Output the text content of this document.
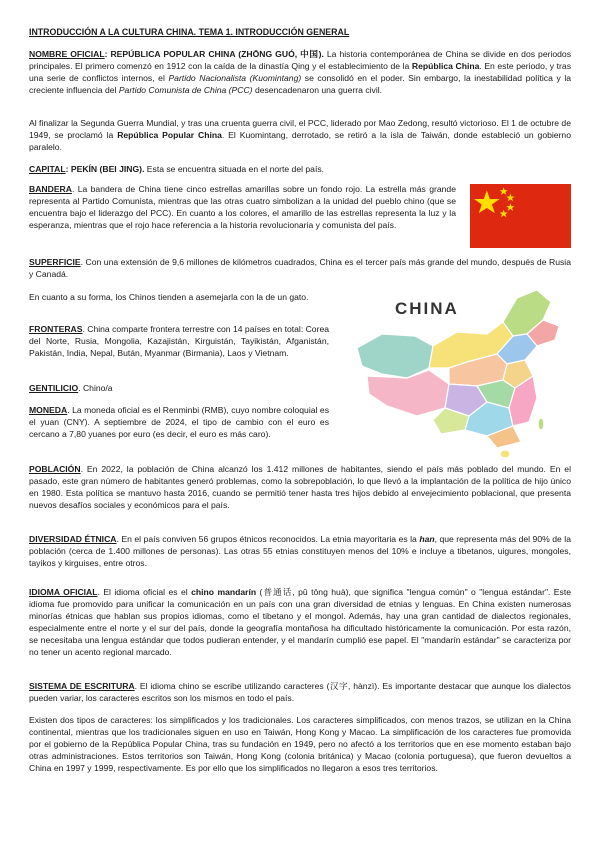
INTRODUCCIÓN A LA CULTURA CHINA. TEMA 1. INTRODUCCIÓN GENERAL

NOMBRE OFICIAL: REPÚBLICA POPULAR CHINA (ZHŌNG GUÓ, 中国). La historia contemporánea de China se divide en dos periodos principales. El primero comenzó en 1912 con la caída de la dinastía Qing y el establecimiento de la República China. En este periodo, y tras una serie de conflictos internos, el Partido Nacionalista (Kuomintang) se consolidó en el poder. Sin embargo, la inestabilidad política y la creciente influencia del Partido Comunista de China (PCC) desencadenaron una guerra civil.

Al finalizar la Segunda Guerra Mundial, y tras una cruenta guerra civil, el PCC, liderado por Mao Zedong, resultó victorioso. El 1 de octubre de 1949, se proclamó la República Popular China. El Kuomintang, derrotado, se retiró a la isla de Taiwán, donde estableció un gobierno paralelo.

CAPITAL: PEKÍN (BEI JING). Esta se encuentra situada en el norte del país.

BANDERA. La bandera de China tiene cinco estrellas amarillas sobre un fondo rojo. La estrella más grande representa al Partido Comunista, mientras que las otras cuatro simbolizan a la unidad del pueblo chino (que se encuentra bajo el liderazgo del PCC). En cuanto a los colores, el amarillo de las estrellas representa la luz y la esperanza, mientras que el rojo hace referencia a la historia revolucionaria y comunista del país.

SUPERFICIE. Con una extensión de 9,6 millones de kilómetros cuadrados, China es el tercer país más grande del mundo, después de Rusia y Canadá.

En cuanto a su forma, los Chinos tienden a asemejarla con la de un gato.

FRONTERAS. China comparte frontera terrestre con 14 países en total: Corea del Norte, Rusia, Mongolia, Kazajistán, Kirguistán, Tayikistán, Afganistán, Pakistán, India, Nepal, Bután, Myanmar (Birmania), Laos y Vietnam.

GENTILICIO. Chino/a

MONEDA. La moneda oficial es el Renminbi (RMB), cuyo nombre coloquial es el yuan (CNY). A septiembre de 2024, el tipo de cambio con el euro es cercano a 7,80 yuanes por euro (es decir, el euro es más caro).

CHINA

POBLACIÓN. En 2022, la población de China alcanzó los 1.412 millones de habitantes, siendo el país más poblado del mundo. En el pasado, este gran número de habitantes generó problemas, como la sobrepoblación, lo que llevó a la implantación de la política de hijo único en 1980. Esta política se mantuvo hasta 2016, cuando se permitió tener hasta tres hijos debido al envejecimiento poblacional, que presenta nuevos desafíos sociales y económicos para el país.

DIVERSIDAD ÉTNICA. En el país conviven 56 grupos étnicos reconocidos. La etnia mayoritaria es la han, que representa más del 90% de la población (cerca de 1.400 millones de personas). Las otras 55 etnias constituyen menos del 10% e incluye a tibetanos, uigures, mongoles, tayikos y kirguises, entre otros.

IDIOMA OFICIAL. El idioma oficial es el chino mandarín (普通话, pǔ tōng huà), que significa "lengua común" o "lengua estándar". Este idioma fue promovido para unificar la comunicación en un país con una gran diversidad de etnias y lenguas. En China existen numerosas minorías étnicas que hablan sus propios idiomas, como el tibetano y el mongol. Además, hay una gran cantidad de dialectos regionales, especialmente entre el norte y el sur del país, donde la geografía montañosa ha dificultado históricamente la comunicación. Por esta razón, se necesitaba una lengua estándar que todos pudieran entender, y el mandarín cumplió ese papel. El "mandarín estándar" se caracteriza por no tener un acento regional marcado.

SISTEMA DE ESCRITURA. El idioma chino se escribe utilizando caracteres (汉字, hànzì). Es importante destacar que aunque los dialectos pueden variar, los caracteres escritos son los mismos en todo el país.

Existen dos tipos de caracteres: los simplificados y los tradicionales. Los caracteres simplificados, con menos trazos, se utilizan en la China continental, mientras que los tradicionales siguen en uso en Taiwán, Hong Kong y Macao. La simplificación de los caracteres fue promovida por el gobierno de la República Popular China, tras su fundación en 1949, pero no afectó a los territorios que en ese momento estaban bajo otras administraciones. Estos territorios son Taiwán, Hong Kong (colonia británica) y Macao (colonia portuguesa), que fueron devueltos a China en 1997 y 1999, respectivamente. Es por ello que los simplificados no llegaron a esos tres territorios.
